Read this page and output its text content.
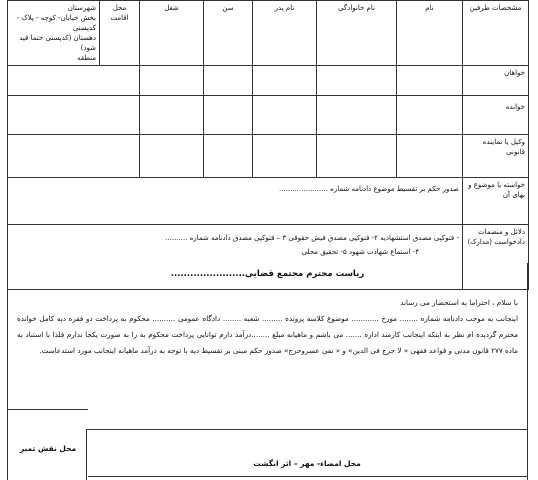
مشخصات طرفین	نام	نام خانوادگی	نام پدر	سن	شغل	محل اقامت	شهرستان
بخش خیابان- کوچه - پلاک - کدپستی
دهستان (کدپستی حتما قید شود)
منطقه

خواهان							
خوانده							
وکیل یا نماینده قانونی							
خواسته یا موضوع و بهای آن	صدور حکم بر تقسیط موضوع دادنامه شماره ......................						
دلائل و منضمات دادخواست (مدارک)	- فتوکپی مصدق استشهادیه ۲- فتوکپی مصدق فیش حقوقی ۳ – فتوکپی مصدق دادنامه شماره ..........
۴- استماع شهادت شهود ۵- تحقیق محلی						
ریاست محترم مجتمع قضایی.......................

با سلام ، احتراما به استحضار می رساند

اینجانب به موجب دادنامه شماره ........ مورخ ............ موضوع کلاسه پرونده ......... شعبه ........ دادگاه عمومی .......... محکوم به پرداخت دو فقره دیه کامل خوانده محترم گردیده ام نظر به اینکه اینجانب کارمند اداره ....... می باشم و ماهیانه مبلغ ........درآمد دارم توانایی پرداخت محکوم به را به صورت یکجا ندارم فلذا با استناد به ماده ۲۷۷ قانون مدنی و قواعد فقهی « لا حرج فی الدین» و « نفی عسروحرج» صدور حکم مبنی بر تقسیط دیه با توجه به درآمد ماهیانه اینجانب مورد استدعاست.

محل نقش تمبر
محل امضاء- مهر – اثر انگشت
